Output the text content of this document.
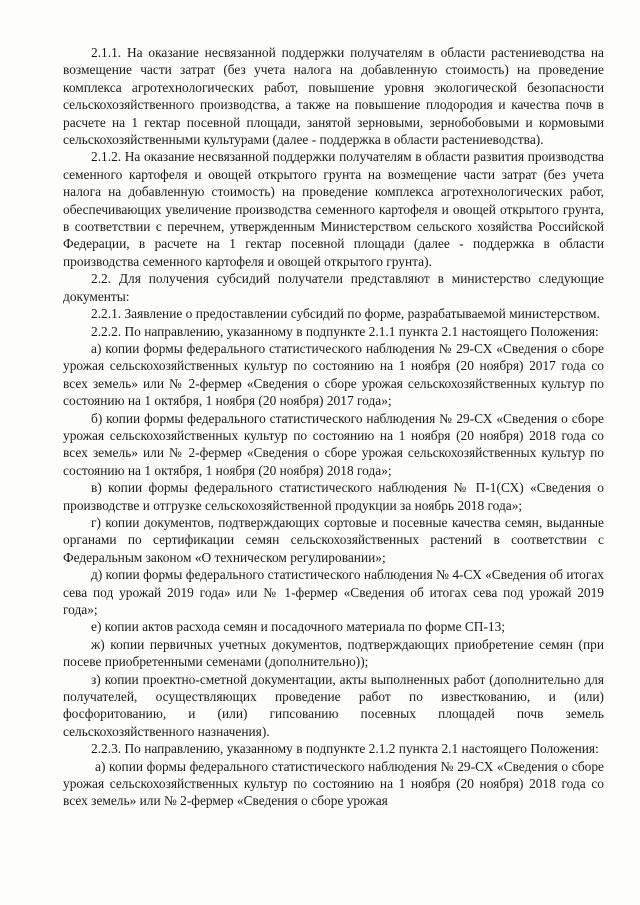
2.1.1. На оказание несвязанной поддержки получателям в области растениеводства на возмещение части затрат (без учета налога на добавленную стоимость) на проведение комплекса агротехнологических работ, повышение уровня экологической безопасности сельскохозяйственного производства, а также на повышение плодородия и качества почв в расчете на 1 гектар посевной площади, занятой зерновыми, зернобобовыми и кормовыми сельскохозяйственными культурами (далее - поддержка в области растениеводства).

2.1.2. На оказание несвязанной поддержки получателям в области развития производства семенного картофеля и овощей открытого грунта на возмещение части затрат (без учета налога на добавленную стоимость) на проведение комплекса агротехнологических работ, обеспечивающих увеличение производства семенного картофеля и овощей открытого грунта, в соответствии с перечнем, утвержденным Министерством сельского хозяйства Российской Федерации, в расчете на 1 гектар посевной площади (далее - поддержка в области производства семенного картофеля и овощей открытого грунта).

2.2. Для получения субсидий получатели представляют в министерство следующие документы:

2.2.1. Заявление о предоставлении субсидий по форме, разрабатываемой министерством.

2.2.2. По направлению, указанному в подпункте 2.1.1 пункта 2.1 настоящего Положения:

а) копии формы федерального статистического наблюдения № 29-СХ «Сведения о сборе урожая сельскохозяйственных культур по состоянию на 1 ноября (20 ноября) 2017 года со всех земель» или № 2-фермер «Сведения о сборе урожая сельскохозяйственных культур по состоянию на 1 октября, 1 ноября (20 ноября) 2017 года»;

б) копии формы федерального статистического наблюдения № 29-СХ «Сведения о сборе урожая сельскохозяйственных культур по состоянию на 1 ноября (20 ноября) 2018 года со всех земель» или № 2-фермер «Сведения о сборе урожая сельскохозяйственных культур по состоянию на 1 октября, 1 ноября (20 ноября) 2018 года»;

в) копии формы федерального статистического наблюдения № П-1(СХ) «Сведения о производстве и отгрузке сельскохозяйственной продукции за ноябрь 2018 года»;

г) копии документов, подтверждающих сортовые и посевные качества семян, выданные органами по сертификации семян сельскохозяйственных растений в соответствии с Федеральным законом «О техническом регулировании»;

д) копии формы федерального статистического наблюдения № 4-СХ «Сведения об итогах сева под урожай 2019 года» или № 1-фермер «Сведения об итогах сева под урожай 2019 года»;

е) копии актов расхода семян и посадочного материала по форме СП-13;

ж) копии первичных учетных документов, подтверждающих приобретение семян (при посеве приобретенными семенами (дополнительно));

з) копии проектно-сметной документации, акты выполненных работ (дополнительно для получателей, осуществляющих проведение работ по известкованию, и (или) фосфоритованию, и (или) гипсованию посевных площадей почв земель сельскохозяйственного назначения).

2.2.3. По направлению, указанному в подпункте 2.1.2 пункта 2.1 настоящего Положения:

а) копии формы федерального статистического наблюдения № 29-СХ «Сведения о сборе урожая сельскохозяйственных культур по состоянию на 1 ноября (20 ноября) 2018 года со всех земель» или № 2-фермер «Сведения о сборе урожая
